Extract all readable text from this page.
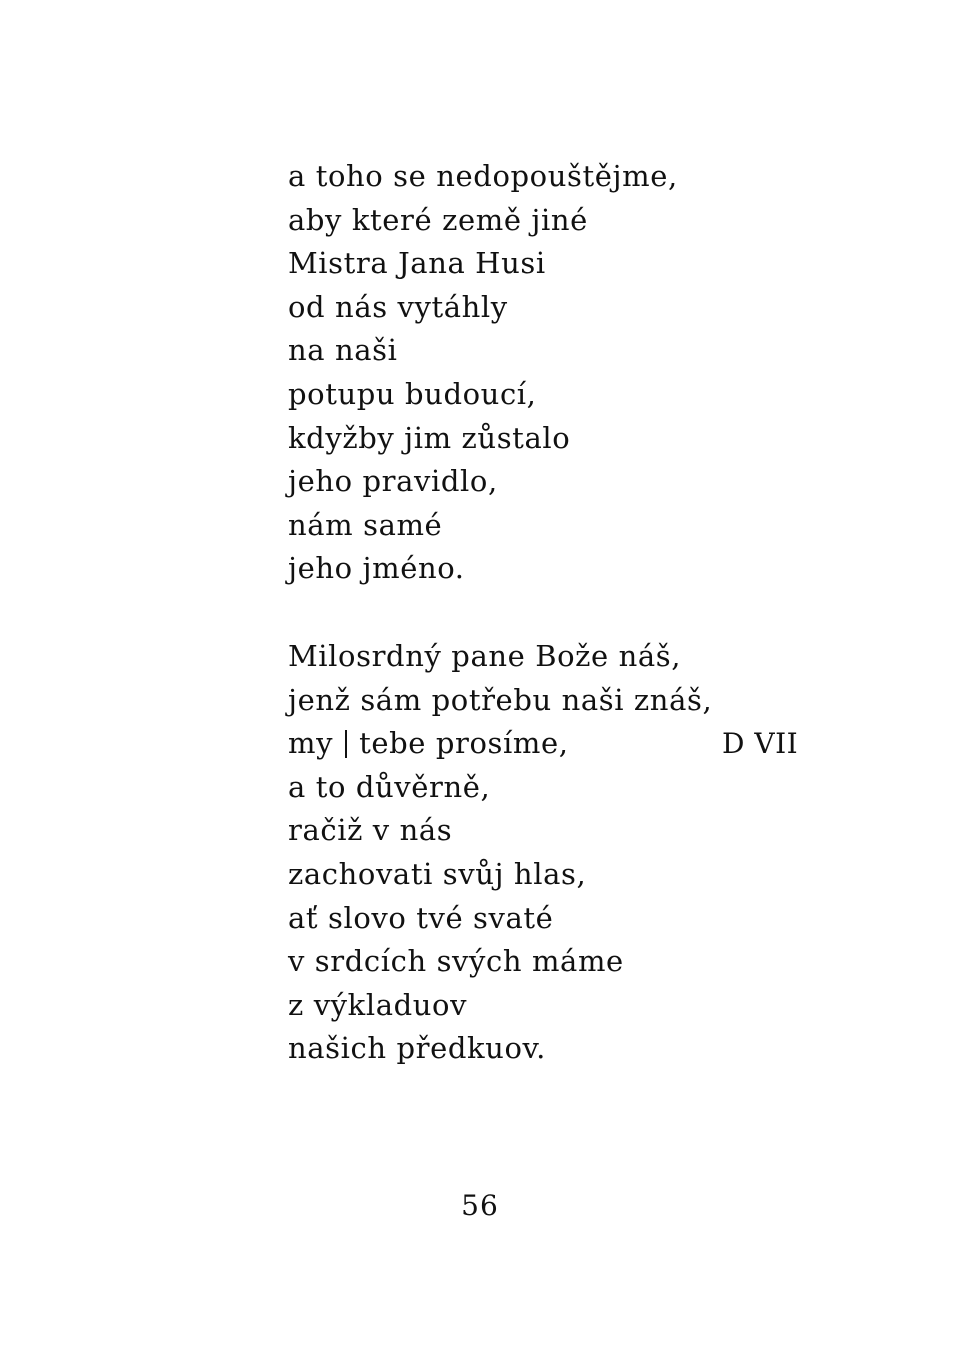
a toho se nedopouštějme,
aby které země jiné
Mistra Jana Husi
od nás vytáhly
na naši
potupu budoucí,
kdyžby jim zůstalo
jeho pravidlo,
nám samé
jeho jméno.
Milosrdný pane Bože náš,
jenž sám potřebu naši znáš,
my tebe prosíme,
a to důvěrně,
račiž v nás
zachovati svůj hlas,
ať slovo tvé svaté
v srdcích svých máme
z výkladuov
našich předkuov.
D VII
56
